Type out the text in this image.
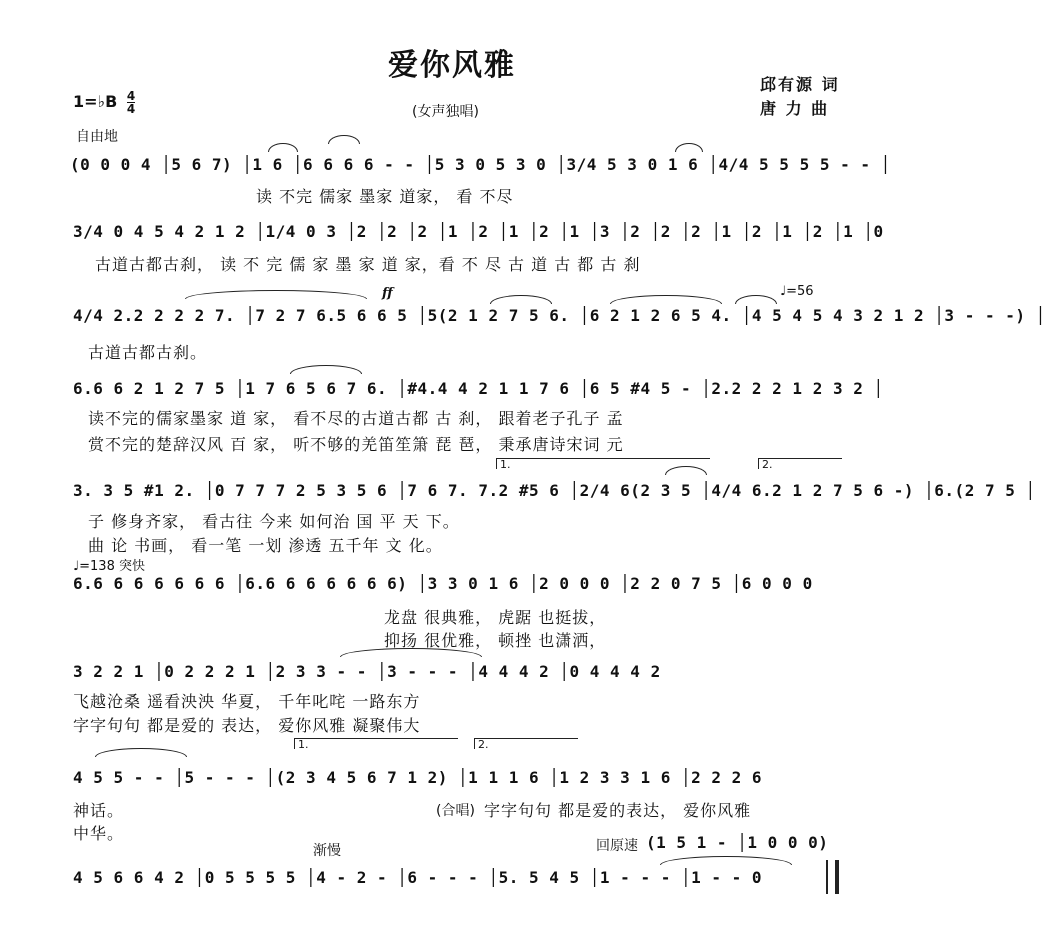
爱你风雅
邱有源 词
唐 力 曲
1=♭B $\frac{4}{4}$	(女声独唱)
自由地
(0 0 0 4 │5 6 7) │1 6 │6 6 6 6 - - │5 3 0 5 3 0 │3/4 5 3 0 1 6 │4/4 5 5 5 5 - - │
读 不完 儒家 墨家 道家， 看 不尽
3/4 0 4 5 4 2 1 2 │1/4 0 3 │2 │2 │2 │1 │2 │1 │2 │1 │3 │2 │2 │2 │1 │2 │1 │2 │1 │0
古道古都古刹， 读 不 完 儒 家 墨 家 道 家，看 不 尽 古 道 古 都 古 刹
♩=56
ff
4/4 2.2 2 2 2 7. │7 2 7 6.5 6 6 5 │5(2 1 2 7 5 6. │6 2 1 2 6 5 4. │4 5 4 5 4 3 2 1 2 │3 - - -) │
古道古都古刹。
6.6 6 2 1 2 7 5 │1 7 6 5 6 7 6. │#4.4 4 2 1 1 7 6 │6 5 #4 5 - │2.2 2 2 1 2 3 2 │
读不完的儒家墨家 道 家， 看不尽的古道古都 古 刹， 跟着老子孔子 孟
赏不完的楚辞汉风 百 家， 听不够的羌笛笙箫 琵 琶， 秉承唐诗宋词 元
1.	2.
3. 3 5 #1 2. │0 7 7 7 2 5 3 5 6 │7 6 7. 7.2 #5 6 │2/4 6(2 3 5 │4/4 6.2 1 2 7 5 6 -) │6.(2 7 5 │
子 修身齐家， 看古往 今来 如何治 国 平 天 下。
曲 论 书画， 看一笔 一划 渗透 五千年 文 化。
♩=138 突快
6.6 6 6 6 6 6 6 │6.6 6 6 6 6 6 6) │3 3 0 1 6 │2 0 0 0 │2 2 0 7 5 │6 0 0 0
龙盘 很典雅， 虎踞 也挺拔，
抑扬 很优雅， 顿挫 也潇洒，
3 2 2 1 │0 2 2 2 1 │2 3 3 - - │3 - - - │4 4 4 2 │0 4 4 4 2
飞越沧桑 遥看泱泱 华夏， 千年叱咤 一路东方
字字句句 都是爱的 表达， 爱你风雅 凝聚伟大
1.	2.
4 5 5 - - │5 - - - │(2 3 4 5 6 7 1 2) │1 1 1 6 │1 2 3 3 1 6 │2 2 2 6
神话。
中华。
(合唱) 字字句句 都是爱的表达， 爱你风雅
渐慢	回原速 (1 5 1 - │1 0 0 0)
4 5 6 6 4 2 │0 5 5 5 5 │4 - 2 - │6 - - - │5. 5 4 5 │1 - - - │1 - - 0
